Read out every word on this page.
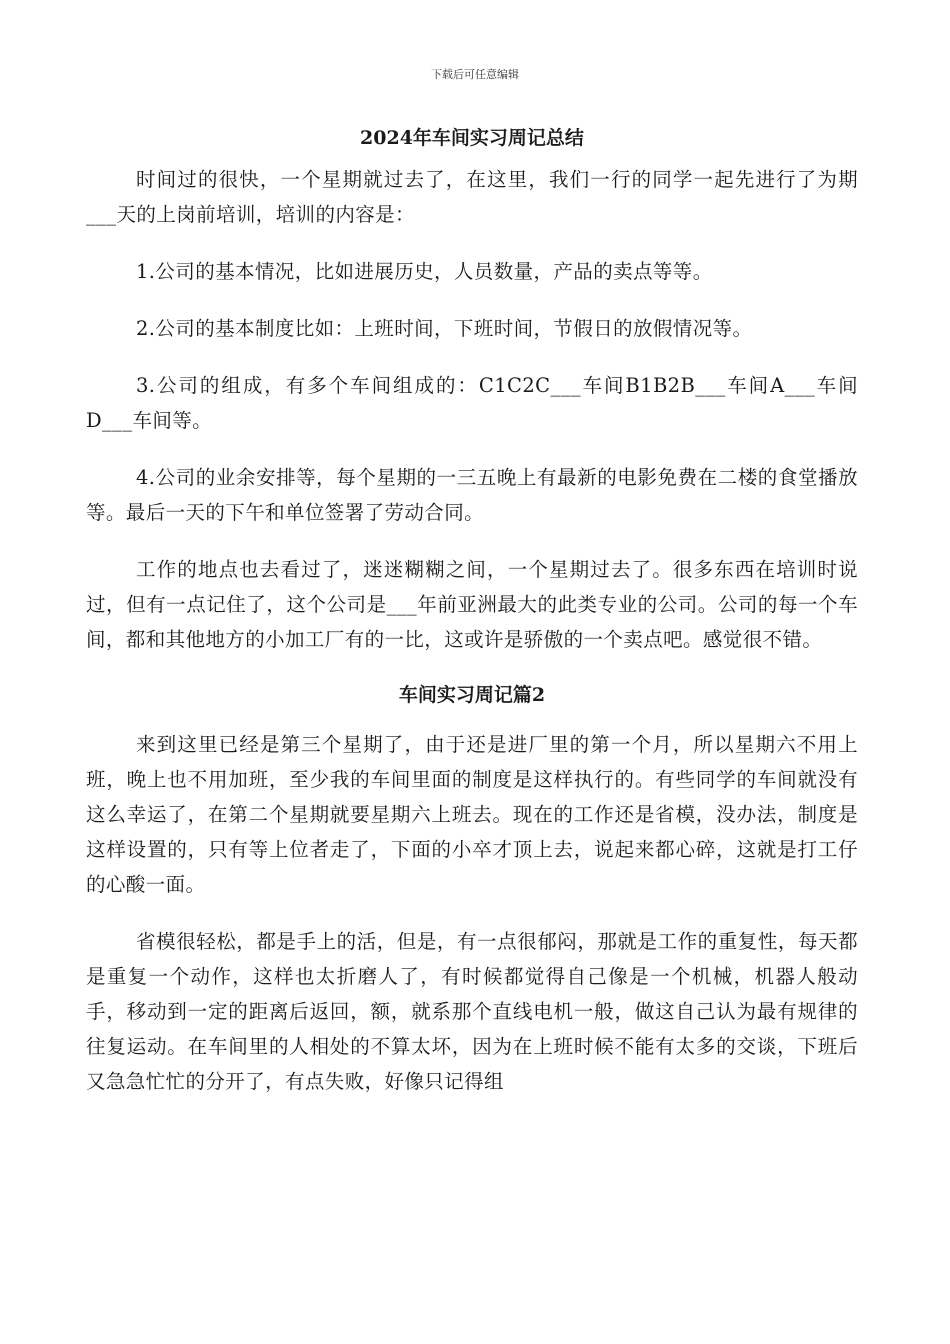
下载后可任意编辑
2024年车间实习周记总结

时间过的很快，一个星期就过去了，在这里，我们一行的同学一起先进行了为期___天的上岗前培训，培训的内容是：

1.公司的基本情况，比如进展历史，人员数量，产品的卖点等等。

2.公司的基本制度比如：上班时间，下班时间，节假日的放假情况等。

3.公司的组成，有多个车间组成的：C1C2C___车间B1B2B___车间A___车间D___车间等。

4.公司的业余安排等，每个星期的一三五晚上有最新的电影免费在二楼的食堂播放等。最后一天的下午和单位签署了劳动合同。

工作的地点也去看过了，迷迷糊糊之间，一个星期过去了。很多东西在培训时说过，但有一点记住了，这个公司是___年前亚洲最大的此类专业的公司。公司的每一个车间，都和其他地方的小加工厂有的一比，这或许是骄傲的一个卖点吧。感觉很不错。

车间实习周记篇2

来到这里已经是第三个星期了，由于还是进厂里的第一个月，所以星期六不用上班，晚上也不用加班，至少我的车间里面的制度是这样执行的。有些同学的车间就没有这么幸运了，在第二个星期就要星期六上班去。现在的工作还是省模，没办法，制度是这样设置的，只有等上位者走了，下面的小卒才顶上去，说起来都心碎，这就是打工仔的心酸一面。

省模很轻松，都是手上的活，但是，有一点很郁闷，那就是工作的重复性，每天都是重复一个动作，这样也太折磨人了，有时候都觉得自己像是一个机械，机器人般动手，移动到一定的距离后返回，额，就系那个直线电机一般，做这自己认为最有规律的往复运动。在车间里的人相处的不算太坏，因为在上班时候不能有太多的交谈，下班后又急急忙忙的分开了，有点失败，好像只记得组
